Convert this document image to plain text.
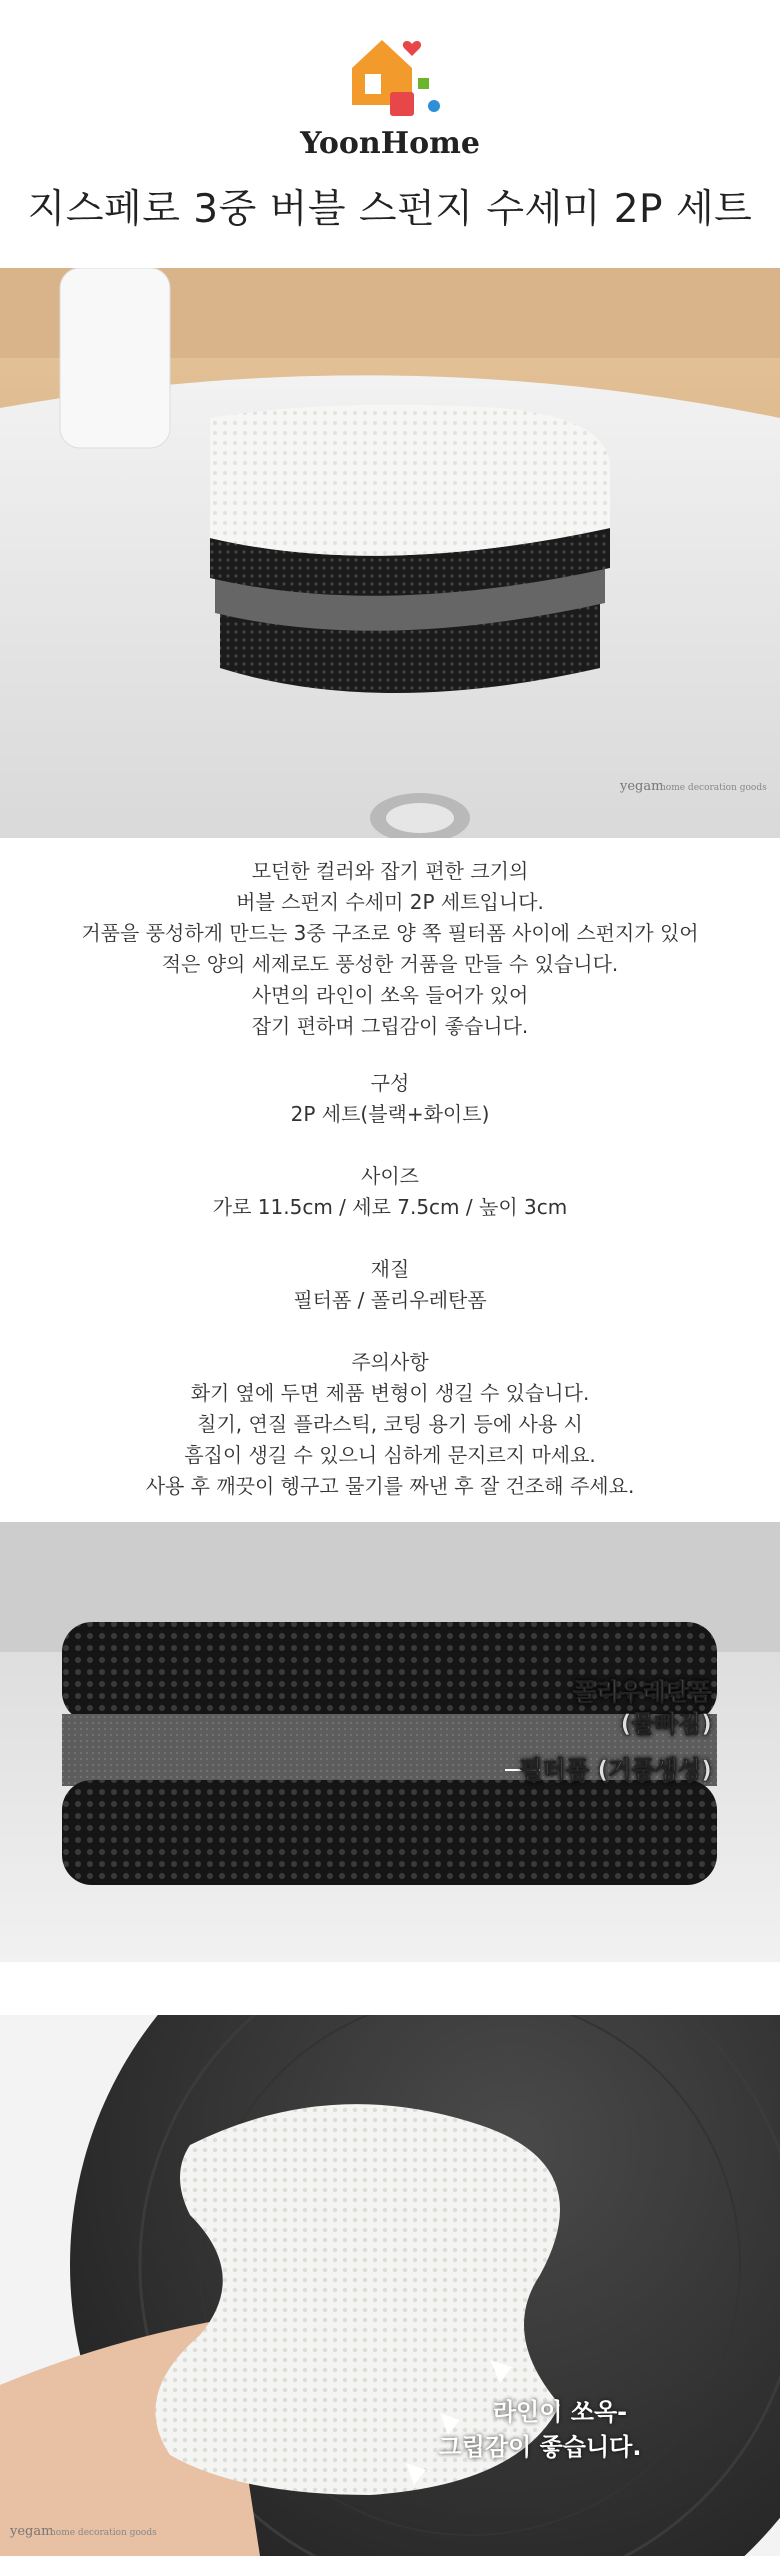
YoonHome
지스페로 3중 버블 스펀지 수세미 2P 세트
yegam
home decoration goods
모던한 컬러와 잡기 편한 크기의
버블 스펀지 수세미 2P 세트입니다.
거품을 풍성하게 만드는 3중 구조로 양 쪽 필터폼 사이에 스펀지가 있어
적은 양의 세제로도 풍성한 거품을 만들 수 있습니다.
사면의 라인이 쏘옥 들어가 있어
잡기 편하며 그립감이 좋습니다.
구성
2P 세트(블랙+화이트)
사이즈
가로 11.5cm / 세로 7.5cm / 높이 3cm
재질
필터폼 / 폴리우레탄폼
주의사항
화기 옆에 두면 제품 변형이 생길 수 있습니다.
칠기, 연질 플라스틱, 코팅 용기 등에 사용 시
흠집이 생길 수 있으니 심하게 문지르지 마세요.
사용 후 깨끗이 헹구고 물기를 짜낸 후 잘 건조해 주세요.
폴리우레탄폼
(물빠짐)
필터폼 (거품생성)
라인이 쏘옥-
그립감이 좋습니다.
yegam
home decoration goods
